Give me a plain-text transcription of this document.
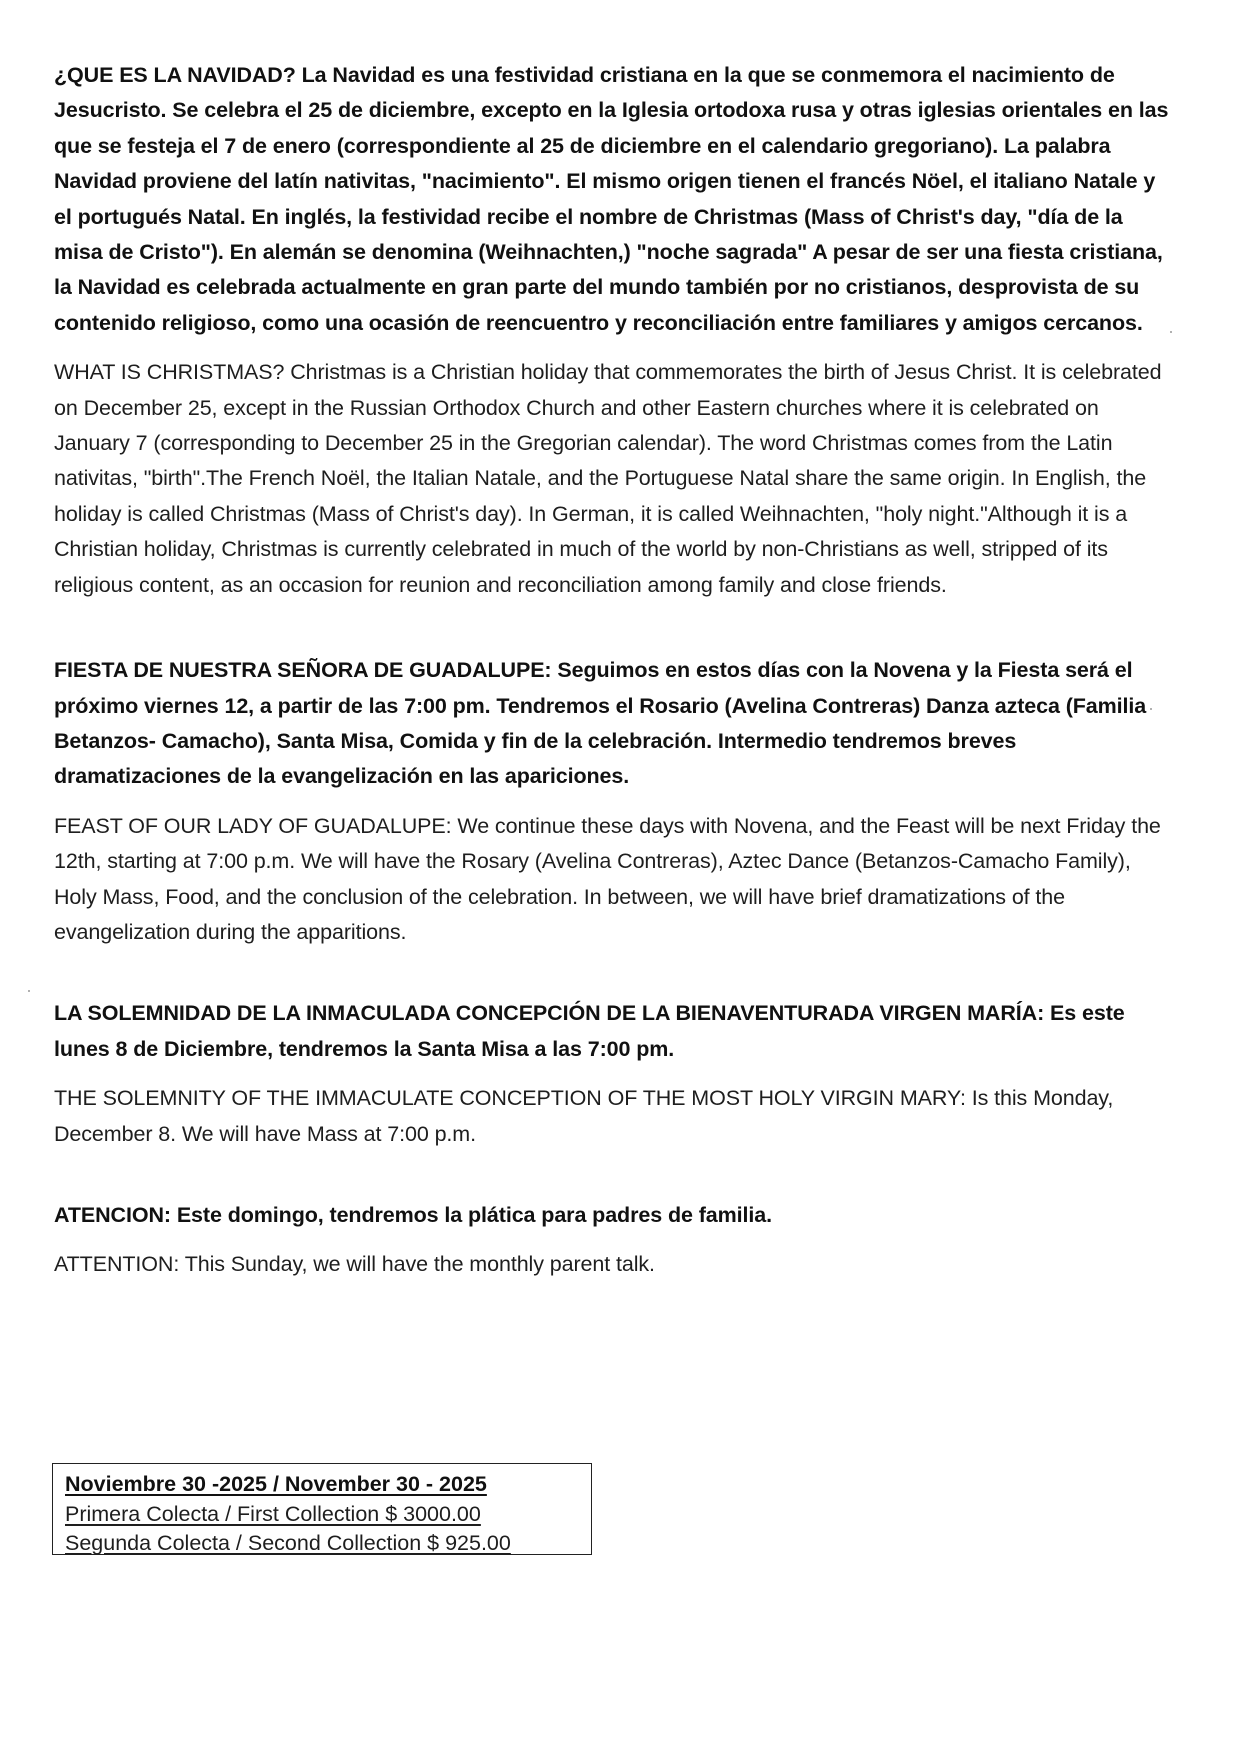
¿QUE ES LA NAVIDAD? La Navidad es una festividad cristiana en la que se conmemora el nacimiento de Jesucristo. Se celebra el 25 de diciembre, excepto en la Iglesia ortodoxa rusa y otras iglesias orientales en las que se festeja el 7 de enero (correspondiente al 25 de diciembre en el calendario gregoriano). La palabra Navidad proviene del latín nativitas, "nacimiento". El mismo origen tienen el francés Nöel, el italiano Natale y el portugués Natal. En inglés, la festividad recibe el nombre de Christmas (Mass of Christ's day, "día de la misa de Cristo"). En alemán se denomina (Weihnachten,) "noche sagrada" A pesar de ser una fiesta cristiana, la Navidad es celebrada actualmente en gran parte del mundo también por no cristianos, desprovista de su contenido religioso, como una ocasión de reencuentro y reconciliación entre familiares y amigos cercanos.

WHAT IS CHRISTMAS? Christmas is a Christian holiday that commemorates the birth of Jesus Christ. It is celebrated on December 25, except in the Russian Orthodox Church and other Eastern churches where it is celebrated on January 7 (corresponding to December 25 in the Gregorian calendar). The word Christmas comes from the Latin nativitas, "birth".The French Noël, the Italian Natale, and the Portuguese Natal share the same origin. In English, the holiday is called Christmas (Mass of Christ's day). In German, it is called Weihnachten, "holy night."Although it is a Christian holiday, Christmas is currently celebrated in much of the world by non-Christians as well, stripped of its religious content, as an occasion for reunion and reconciliation among family and close friends.

FIESTA DE NUESTRA SEÑORA DE GUADALUPE: Seguimos en estos días con la Novena y la Fiesta será el próximo viernes 12, a partir de las 7:00 pm. Tendremos el Rosario (Avelina Contreras) Danza azteca (Familia Betanzos- Camacho), Santa Misa, Comida y fin de la celebración. Intermedio tendremos breves dramatizaciones de la evangelización en las apariciones.

FEAST OF OUR LADY OF GUADALUPE: We continue these days with Novena, and the Feast will be next Friday the 12th, starting at 7:00 p.m. We will have the Rosary (Avelina Contreras), Aztec Dance (Betanzos-Camacho Family), Holy Mass, Food, and the conclusion of the celebration. In between, we will have brief dramatizations of the evangelization during the apparitions.

LA SOLEMNIDAD DE LA INMACULADA CONCEPCIÓN DE LA BIENAVENTURADA VIRGEN MARÍA: Es este lunes 8 de Diciembre, tendremos la Santa Misa a las 7:00 pm.

THE SOLEMNITY OF THE IMMACULATE CONCEPTION OF THE MOST HOLY VIRGIN MARY: Is this Monday, December 8. We will have Mass at 7:00 p.m.

ATENCION: Este domingo, tendremos la plática para padres de familia.

ATTENTION: This Sunday, we will have the monthly parent talk.

Noviembre 30 -2025 / November 30 - 2025
Primera Colecta / First Collection $ 3000.00
Segunda Colecta / Second Collection $ 925.00
